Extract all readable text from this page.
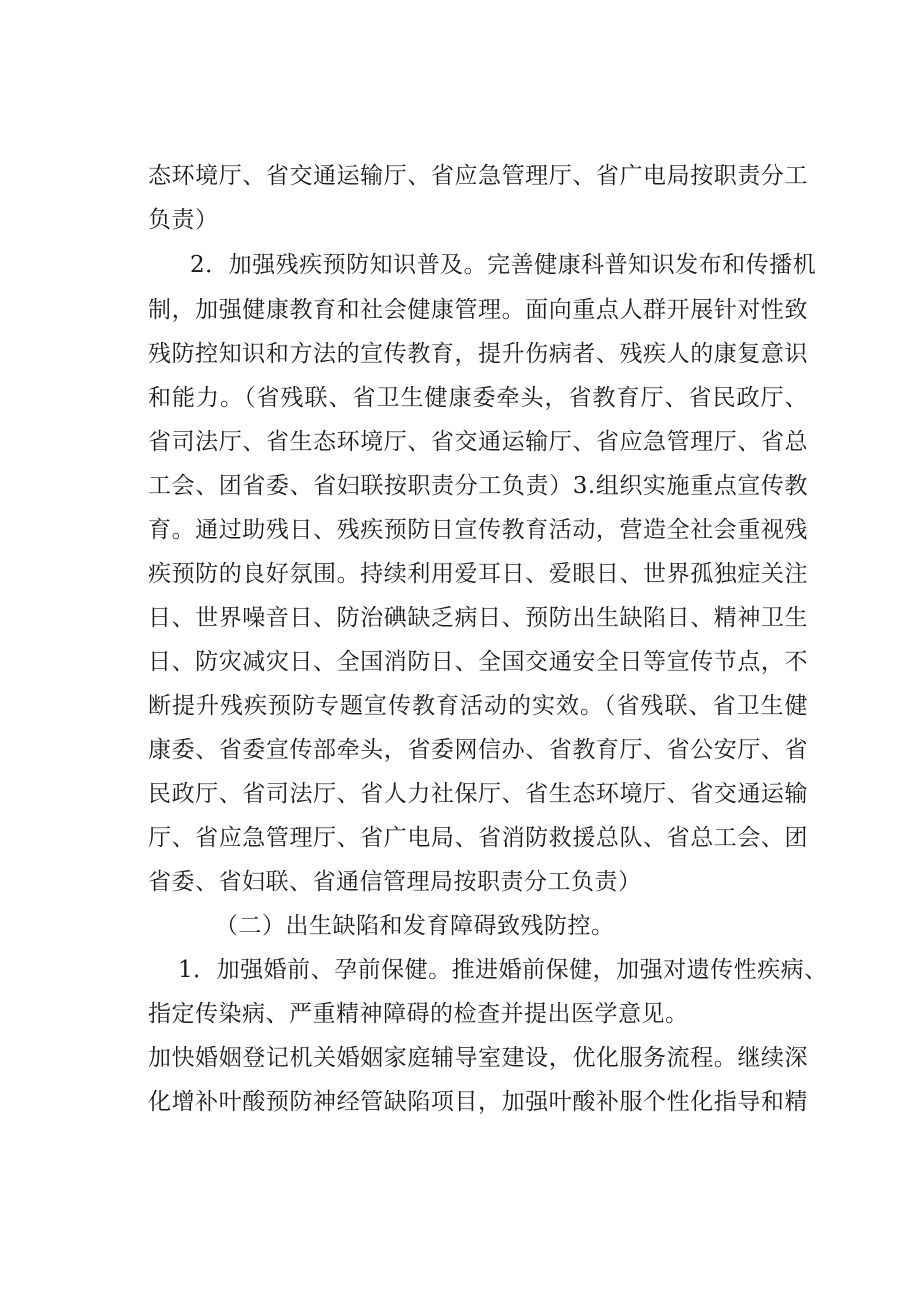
态环境厅、省交通运输厅、省应急管理厅、省广电局按职责分工
负责）
2．加强残疾预防知识普及。完善健康科普知识发布和传播机
制，加强健康教育和社会健康管理。面向重点人群开展针对性致
残防控知识和方法的宣传教育，提升伤病者、残疾人的康复意识
和能力。（省残联、省卫生健康委牵头，省教育厅、省民政厅、
省司法厅、省生态环境厅、省交通运输厅、省应急管理厅、省总
工会、团省委、省妇联按职责分工负责）3.组织实施重点宣传教
育。通过助残日、残疾预防日宣传教育活动，营造全社会重视残
疾预防的良好氛围。持续利用爱耳日、爱眼日、世界孤独症关注
日、世界噪音日、防治碘缺乏病日、预防出生缺陷日、精神卫生
日、防灾减灾日、全国消防日、全国交通安全日等宣传节点，不
断提升残疾预防专题宣传教育活动的实效。（省残联、省卫生健
康委、省委宣传部牵头，省委网信办、省教育厅、省公安厅、省
民政厅、省司法厅、省人力社保厅、省生态环境厅、省交通运输
厅、省应急管理厅、省广电局、省消防救援总队、省总工会、团
省委、省妇联、省通信管理局按职责分工负责）
（二）出生缺陷和发育障碍致残防控。
1．加强婚前、孕前保健。推进婚前保健，加强对遗传性疾病、
指定传染病、严重精神障碍的检查并提出医学意见。
加快婚姻登记机关婚姻家庭辅导室建设，优化服务流程。继续深
化增补叶酸预防神经管缺陷项目，加强叶酸补服个性化指导和精
